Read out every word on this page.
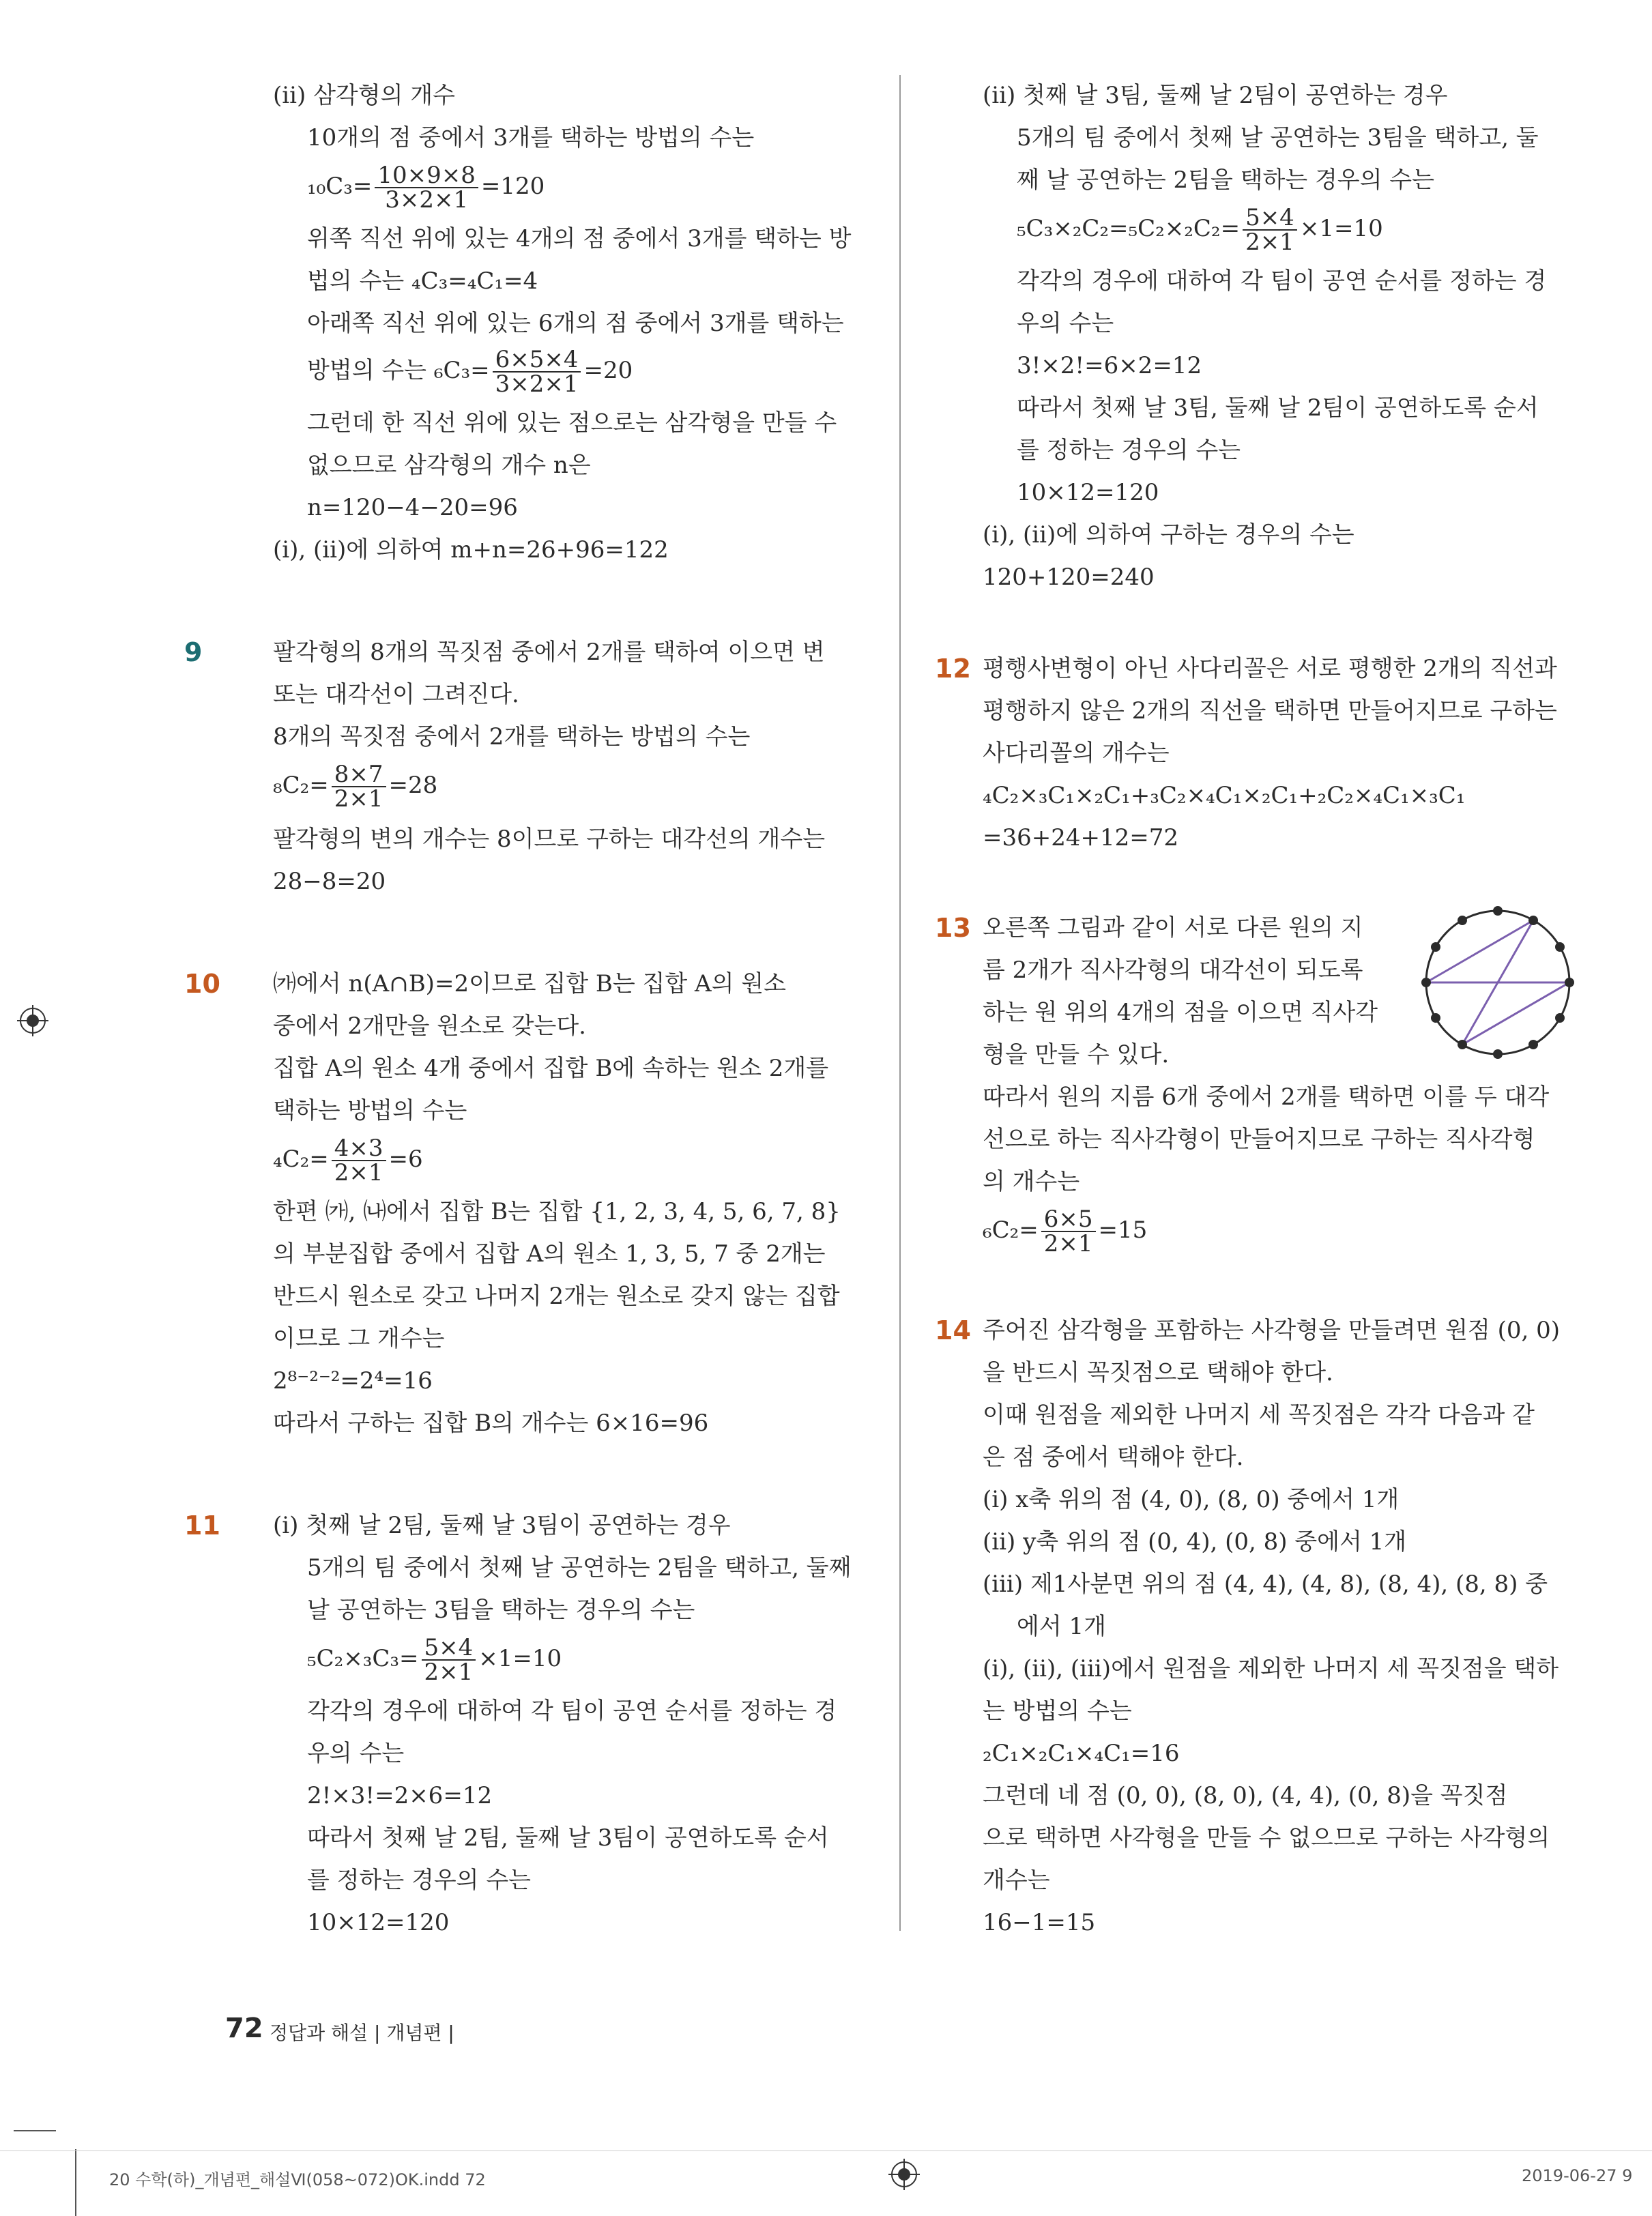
(ⅱ) 삼각형의 개수
10개의 점 중에서 3개를 택하는 방법의 수는
$_{10}C_3= \frac{10\times 9\times 8}{3\times 2\times 1} =120$
위쪽 직선 위에 있는 4개의 점 중에서 3개를 택하는 방
법의 수는 ₄C₃=₄C₁=4
아래쪽 직선 위에 있는 6개의 점 중에서 3개를 택하는
방법의 수는 $_6C_3= \frac{6\times 5\times 4}{3\times 2\times 1} =20$
그런데 한 직선 위에 있는 점으로는 삼각형을 만들 수
없으므로 삼각형의 개수 n은
n=120−4−20=96
(ⅰ), (ⅱ)에 의하여 m+n=26+96=122
9	팔각형의 8개의 꼭짓점 중에서 2개를 택하여 이으면 변
또는 대각선이 그려진다.
8개의 꼭짓점 중에서 2개를 택하는 방법의 수는
$_8C_2= \frac{8\times 7}{2\times 1} =28$
팔각형의 변의 개수는 8이므로 구하는 대각선의 개수는
28−8=20
10 ㈎에서 n(A∩B)=2이므로 집합 B는 집합 A의 원소
중에서 2개만을 원소로 갖는다.
집합 A의 원소 4개 중에서 집합 B에 속하는 원소 2개를
택하는 방법의 수는
$_4C_2= \frac{4\times 3}{2\times 1} =6$
한편 ㈎, ㈏에서 집합 B는 집합 {1, 2, 3, 4, 5, 6, 7, 8}
의 부분집합 중에서 집합 A의 원소 1, 3, 5, 7 중 2개는
반드시 원소로 갖고 나머지 2개는 원소로 갖지 않는 집합
이므로 그 개수는
2⁸⁻²⁻²=2⁴=16
따라서 구하는 집합 B의 개수는 6×16=96
11 (ⅰ) 첫째 날 2팀, 둘째 날 3팀이 공연하는 경우
5개의 팀 중에서 첫째 날 공연하는 2팀을 택하고, 둘째
날 공연하는 3팀을 택하는 경우의 수는
$_5C_2\times_3C_3= \frac{5\times 4}{2\times 1} \times 1=10$
각각의 경우에 대하여 각 팀이 공연 순서를 정하는 경
우의 수는
2!×3!=2×6=12
따라서 첫째 날 2팀, 둘째 날 3팀이 공연하도록 순서
를 정하는 경우의 수는
10×12=120
(ⅱ) 첫째 날 3팀, 둘째 날 2팀이 공연하는 경우
5개의 팀 중에서 첫째 날 공연하는 3팀을 택하고, 둘
째 날 공연하는 2팀을 택하는 경우의 수는
$_5C_3\times_2C_2=_5C_2\times_2C_2= \frac{5\times 4}{2\times 1} \times 1=10$
각각의 경우에 대하여 각 팀이 공연 순서를 정하는 경
우의 수는
3!×2!=6×2=12
따라서 첫째 날 3팀, 둘째 날 2팀이 공연하도록 순서
를 정하는 경우의 수는
10×12=120
(ⅰ), (ⅱ)에 의하여 구하는 경우의 수는
120+120=240
12 평행사변형이 아닌 사다리꼴은 서로 평행한 2개의 직선과
평행하지 않은 2개의 직선을 택하면 만들어지므로 구하는
사다리꼴의 개수는
₄C₂×₃C₁×₂C₁+₃C₂×₄C₁×₂C₁+₂C₂×₄C₁×₃C₁
=36+24+12=72
13 오른쪽 그림과 같이 서로 다른 원의 지
름 2개가 직사각형의 대각선이 되도록
하는 원 위의 4개의 점을 이으면 직사각
형을 만들 수 있다.
따라서 원의 지름 6개 중에서 2개를 택하면 이를 두 대각
선으로 하는 직사각형이 만들어지므로 구하는 직사각형
의 개수는
$_6C_2= \frac{6\times 5}{2\times 1} =15$
14 주어진 삼각형을 포함하는 사각형을 만들려면 원점 (0, 0)
을 반드시 꼭짓점으로 택해야 한다.
이때 원점을 제외한 나머지 세 꼭짓점은 각각 다음과 같
은 점 중에서 택해야 한다.
(ⅰ) x축 위의 점 (4, 0), (8, 0) 중에서 1개
(ⅱ) y축 위의 점 (0, 4), (0, 8) 중에서 1개
(ⅲ) 제1사분면 위의 점 (4, 4), (4, 8), (8, 4), (8, 8) 중
에서 1개
(ⅰ), (ⅱ), (ⅲ)에서 원점을 제외한 나머지 세 꼭짓점을 택하
는 방법의 수는
₂C₁×₂C₁×₄C₁=16
그런데 네 점 (0, 0), (8, 0), (4, 4), (0, 8)을 꼭짓점
으로 택하면 사각형을 만들 수 없으므로 구하는 사각형의
개수는
16−1=15
72 정답과 해설 | 개념편 |
20 수학(하)_개념편_해설Ⅵ(058~072)OK.indd 72	2019-06-27 9
